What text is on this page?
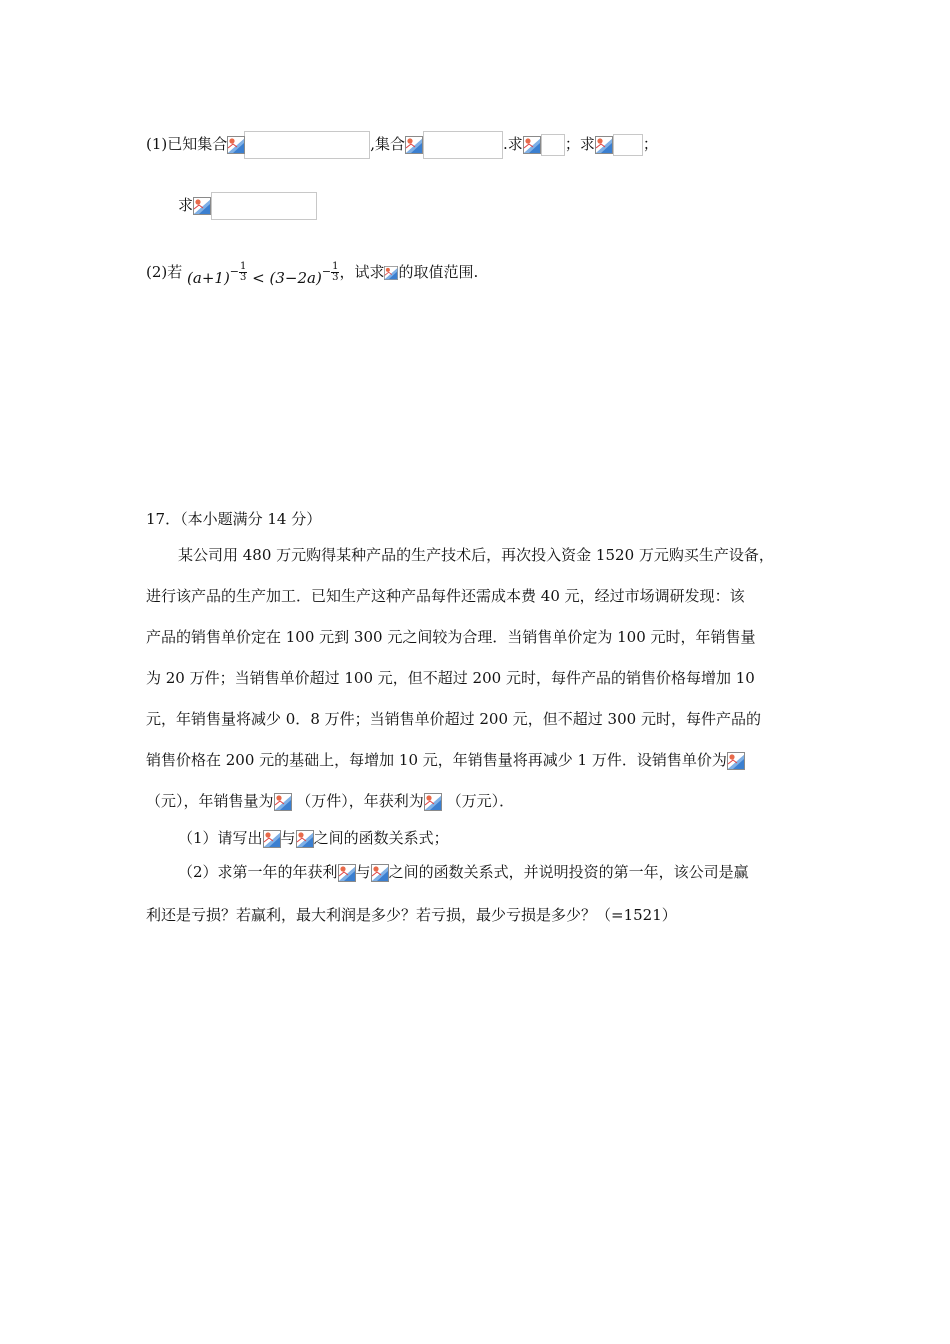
(1)已知集合	,集合	.求	；求	；
求
(2)若 $(a+1)- \frac{1}{3} < (3-2a)- \frac{1}{3}$ ，试求 的取值范围.
17．（本小题满分 14 分）
某公司用 480 万元购得某种产品的生产技术后，再次投入资金 1520 万元购买生产设备，
进行该产品的生产加工．已知生产这种产品每件还需成本费 40 元，经过市场调研发现：该
产品的销售单价定在 100 元到 300 元之间较为合理．当销售单价定为 100 元时，年销售量
为 20 万件；当销售单价超过 100 元，但不超过 200 元时，每件产品的销售价格每增加 10
元，年销售量将减少 0．8 万件；当销售单价超过 200 元，但不超过 300 元时，每件产品的
销售价格在 200 元的基础上，每增加 10 元，年销售量将再减少 1 万件．设销售单价为
（元），年销售量为 （万件），年获利为 （万元）．
（1）请写出 与 之间的函数关系式；
（2）求第一年的年获利 与 之间的函数关系式，并说明投资的第一年，该公司是赢
利还是亏损？若赢利，最大利润是多少？若亏损，最少亏损是多少？（=1521）
